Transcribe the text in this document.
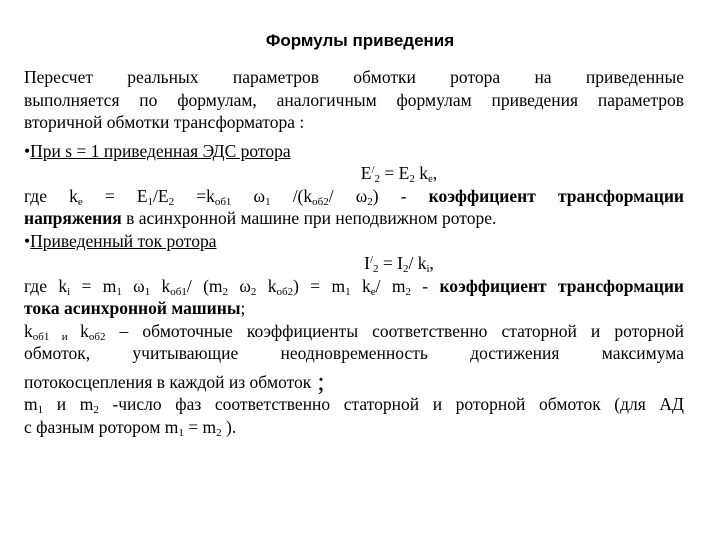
Формулы приведения
Пересчет реальных параметров обмотки ротора на приведенные
выполняется по формулам, аналогичным формулам приведения параметров
вторичной обмотки трансформатора :
•При s = 1 приведенная ЭДС ротора
$E^/_2 = E_2$ $k_e$,
где $k_e = E_1/E_2 =k_{об1}$ $\omega_1$ $/(k_{об2}/$ $\omega_2$) - коэффициент трансформации
напряжения в асинхронной машине при неподвижном роторе.
•Приведенный ток ротора
$I^/_2 = I_2/$ $k_i$,
где $k_i = m_1$ $\omega_1$ $k_{об1}/$ ($m_2$ $\omega_2$ $k_{об2}) = m_1$ $k_e/$ $m_2$ - коэффициент трансформации
тока асинхронной машины;
$k_{об1 и}$ $k_{об2}$ – обмоточные коэффициенты соответственно статорной и роторной
обмоток, учитывающие неодновременность достижения максимума
потокосцепления в каждой из обмоток ;
$m_1$ и $m_2$ -число фаз соответственно статорной и роторной обмоток (для АД
с фазным ротором $m_1 = m_2$ ).
